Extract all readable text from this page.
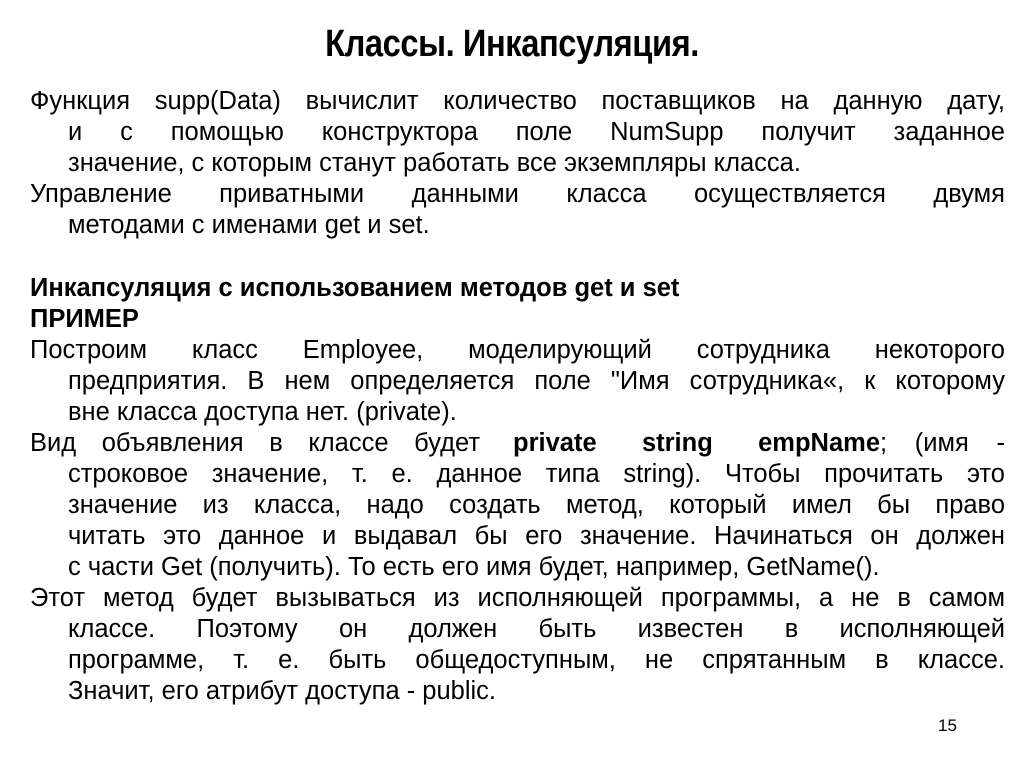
Классы. Инкапсуляция.
Функция supp(Data) вычислит количество поставщиков на данную дату,
и с помощью конструктора поле NumSupp получит заданное
значение, с которым станут работать все экземпляры класса.
Управление приватными данными класса осуществляется двумя
методами с именами get и set.
Инкапсуляция с использованием методов get и set
ПРИМЕР
Построим класс Employee, моделирующий сотрудника некоторого
предприятия. В нем определяется поле "Имя сотрудника«, к которому
вне класса доступа нет. (private).
Вид объявления в классе будет private string empName ; (имя -
строковое значение, т. е. данное типа string). Чтобы прочитать это
значение из класса, надо создать метод, который имел бы право
читать это данное и выдавал бы его значение. Начинаться он должен
с части Get (получить). То есть его имя будет, например, GetName().
Этот метод будет вызываться из исполняющей программы, а не в самом
классе. Поэтому он должен быть известен в исполняющей
программе, т. е. быть общедоступным, не спрятанным в классе.
Значит, его атрибут доступа - public.
15
